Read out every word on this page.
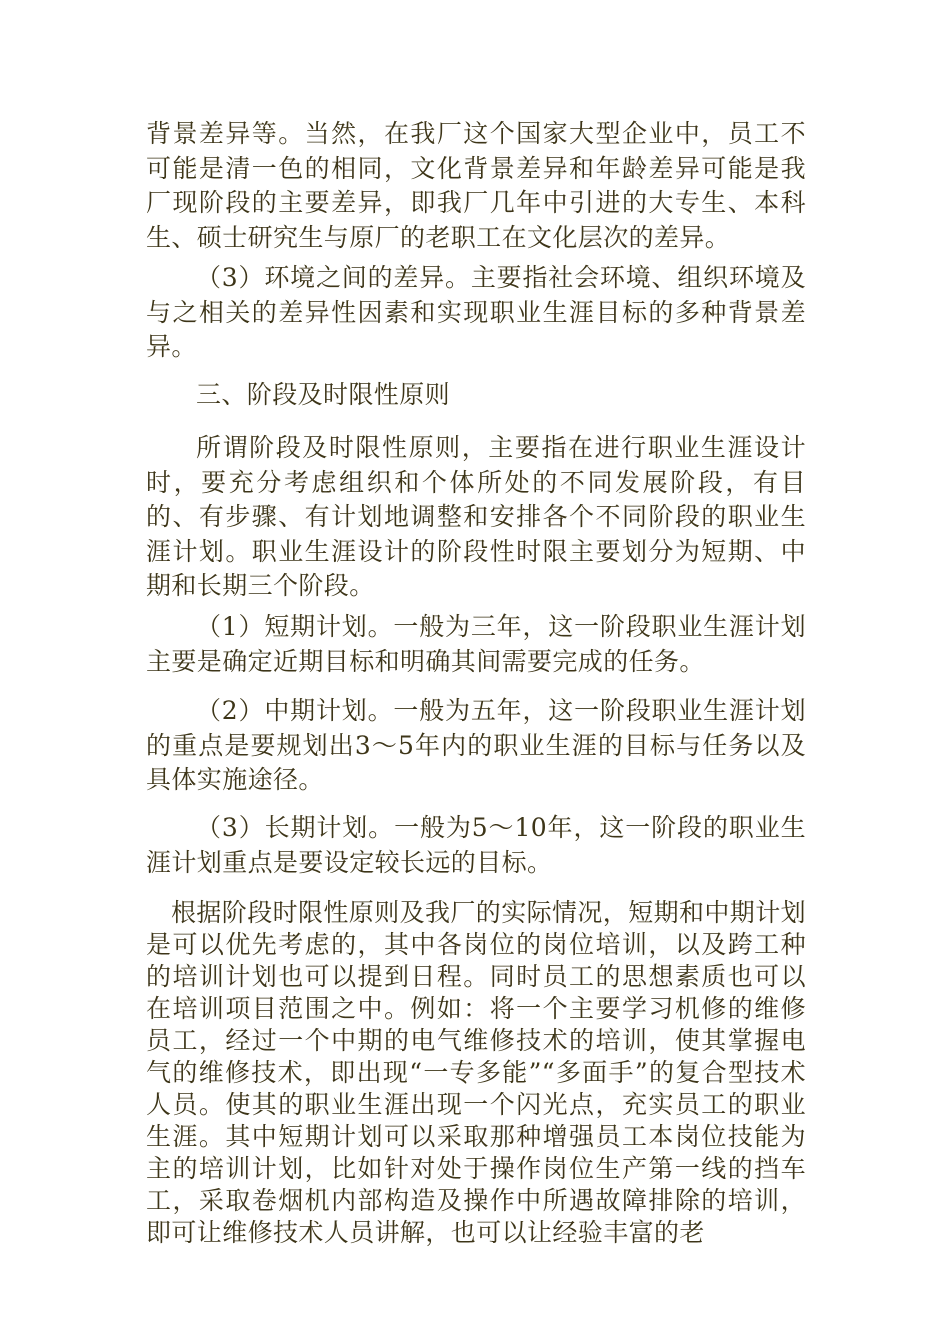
背景差异等。当然，在我厂这个国家大型企业中，员工不可能是清一色的相同，文化背景差异和年龄差异可能是我厂现阶段的主要差异，即我厂几年中引进的大专生、本科生、硕士研究生与原厂的老职工在文化层次的差异。

（3）环境之间的差异。主要指社会环境、组织环境及与之相关的差异性因素和实现职业生涯目标的多种背景差异。

三、阶段及时限性原则

所谓阶段及时限性原则，主要指在进行职业生涯设计时，要充分考虑组织和个体所处的不同发展阶段，有目的、有步骤、有计划地调整和安排各个不同阶段的职业生涯计划。职业生涯设计的阶段性时限主要划分为短期、中期和长期三个阶段。

（1）短期计划。一般为三年，这一阶段职业生涯计划主要是确定近期目标和明确其间需要完成的任务。

（2）中期计划。一般为五年，这一阶段职业生涯计划的重点是要规划出3～5年内的职业生涯的目标与任务以及具体实施途径。

（3）长期计划。一般为5～10年，这一阶段的职业生涯计划重点是要设定较长远的目标。

根据阶段时限性原则及我厂的实际情况，短期和中期计划是可以优先考虑的，其中各岗位的岗位培训，以及跨工种的培训计划也可以提到日程。同时员工的思想素质也可以在培训项目范围之中。例如：将一个主要学习机修的维修员工，经过一个中期的电气维修技术的培训，使其掌握电气的维修技术，即出现“一专多能”“多面手”的复合型技术人员。使其的职业生涯出现一个闪光点，充实员工的职业生涯。其中短期计划可以采取那种增强员工本岗位技能为主的培训计划，比如针对处于操作岗位生产第一线的挡车工，采取卷烟机内部构造及操作中所遇故障排除的培训，即可让维修技术人员讲解，也可以让经验丰富的老
